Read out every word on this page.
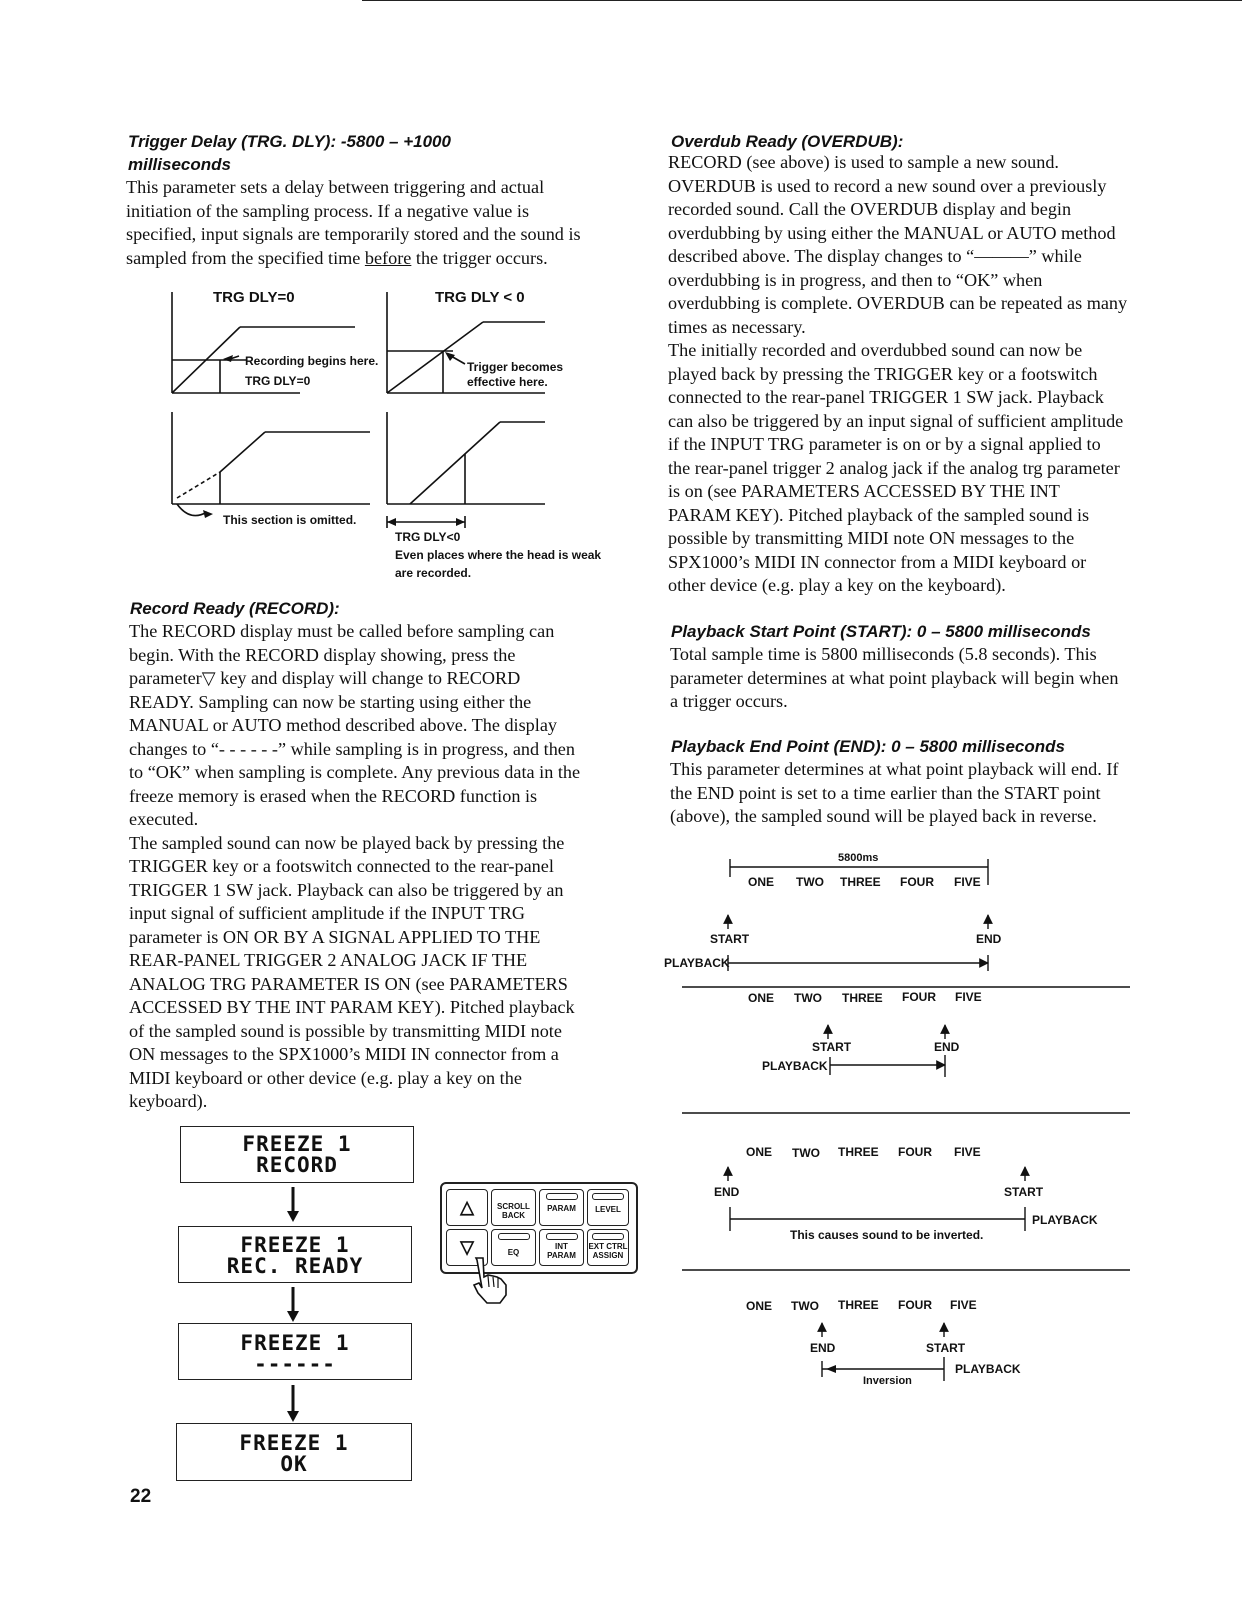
Trigger Delay (TRG. DLY): -5800 – +1000
milliseconds
This parameter sets a delay between triggering and actual
initiation of the sampling process. If a negative value is
specified, input signals are temporarily stored and the sound is
sampled from the specified time before the trigger occurs.
TRG DLY=0	TRG DLY < 0
Recording begins here.
TRG DLY=0
Trigger becomes
effective here.
This section is omitted.
TRG DLY<0
Even places where the head is weak
are recorded.
Record Ready (RECORD):
The RECORD display must be called before sampling can
begin. With the RECORD display showing, press the
parameter▽ key and display will change to RECORD
READY. Sampling can now be starting using either the
MANUAL or AUTO method described above. The display
changes to “- - - - - -” while sampling is in progress, and then
to “OK” when sampling is complete. Any previous data in the
freeze memory is erased when the RECORD function is
executed.
The sampled sound can now be played back by pressing the
TRIGGER key or a footswitch connected to the rear-panel
TRIGGER 1 SW jack. Playback can also be triggered by an
input signal of sufficient amplitude if the INPUT TRG
parameter is ON OR BY A SIGNAL APPLIED TO THE
REAR-PANEL TRIGGER 2 ANALOG JACK IF THE
ANALOG TRG PARAMETER IS ON (see PARAMETERS
ACCESSED BY THE INT PARAM KEY). Pitched playback
of the sampled sound is possible by transmitting MIDI note
ON messages to the SPX1000’s MIDI IN connector from a
MIDI keyboard or other device (e.g. play a key on the
keyboard).
FREEZE 1
RECORD
FREEZE 1
REC. READY
FREEZE 1
------
FREEZE 1
OK
△
▽
SCROLL
BACK
PARAM	LEVEL
EQ
INT
PARAM
EXT CTRL
ASSIGN
22
Overdub Ready (OVERDUB):
RECORD (see above) is used to sample a new sound.
OVERDUB is used to record a new sound over a previously
recorded sound. Call the OVERDUB display and begin
overdubbing by using either the MANUAL or AUTO method
described above. The display changes to “———” while
overdubbing is in progress, and then to “OK” when
overdubbing is complete. OVERDUB can be repeated as many
times as necessary.
The initially recorded and overdubbed sound can now be
played back by pressing the TRIGGER key or a footswitch
connected to the rear-panel TRIGGER 1 SW jack. Playback
can also be triggered by an input signal of sufficient amplitude
if the INPUT TRG parameter is on or by a signal applied to
the rear-panel trigger 2 analog jack if the analog trg parameter
is on (see PARAMETERS ACCESSED BY THE INT
PARAM KEY). Pitched playback of the sampled sound is
possible by transmitting MIDI note ON messages to the
SPX1000’s MIDI IN connector from a MIDI keyboard or
other device (e.g. play a key on the keyboard).
Playback Start Point (START): 0 – 5800 milliseconds
Total sample time is 5800 milliseconds (5.8 seconds). This
parameter determines at what point playback will begin when
a trigger occurs.
Playback End Point (END): 0 – 5800 milliseconds
This parameter determines at what point playback will end. If
the END point is set to a time earlier than the START point
(above), the sampled sound will be played back in reverse.
5800ms
ONE TWO THREE FOUR FIVE
START	END
PLAYBACK
ONE TWO THREE FOUR FIVE
START	END
PLAYBACK
ONE TWO THREE FOUR FIVE
END	START
PLAYBACK
This causes sound to be inverted.
ONE TWO THREE FOUR FIVE
END	START
PLAYBACK
Inversion
